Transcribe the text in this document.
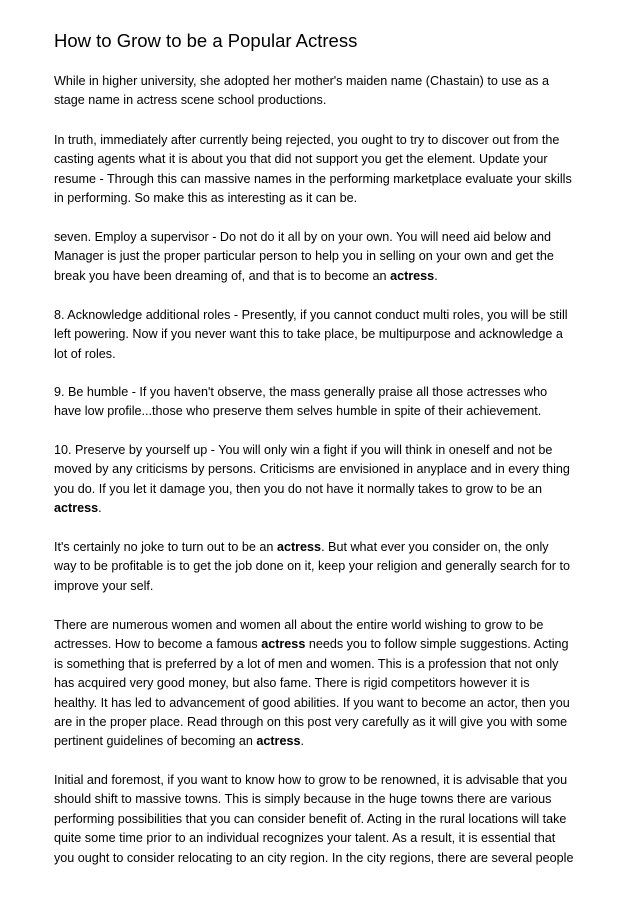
How to Grow to be a Popular Actress

While in higher university, she adopted her mother's maiden name (Chastain) to use as a
stage name in actress scene school productions.

In truth, immediately after currently being rejected, you ought to try to discover out from the
casting agents what it is about you that did not support you get the element. Update your
resume - Through this can massive names in the performing marketplace evaluate your skills
in performing. So make this as interesting as it can be.

seven. Employ a supervisor - Do not do it all by on your own. You will need aid below and
Manager is just the proper particular person to help you in selling on your own and get the
break you have been dreaming of, and that is to become an actress.

8. Acknowledge additional roles - Presently, if you cannot conduct multi roles, you will be still
left powering. Now if you never want this to take place, be multipurpose and acknowledge a
lot of roles.

9. Be humble - If you haven't observe, the mass generally praise all those actresses who
have low profile...those who preserve them selves humble in spite of their achievement.

10. Preserve by yourself up - You will only win a fight if you will think in oneself and not be
moved by any criticisms by persons. Criticisms are envisioned in anyplace and in every thing
you do. If you let it damage you, then you do not have it normally takes to grow to be an
actress.

It's certainly no joke to turn out to be an actress. But what ever you consider on, the only
way to be profitable is to get the job done on it, keep your religion and generally search for to
improve your self.

There are numerous women and women all about the entire world wishing to grow to be
actresses. How to become a famous actress needs you to follow simple suggestions. Acting
is something that is preferred by a lot of men and women. This is a profession that not only
has acquired very good money, but also fame. There is rigid competitors however it is
healthy. It has led to advancement of good abilities. If you want to become an actor, then you
are in the proper place. Read through on this post very carefully as it will give you with some
pertinent guidelines of becoming an actress.

Initial and foremost, if you want to know how to grow to be renowned, it is advisable that you
should shift to massive towns. This is simply because in the huge towns there are various
performing possibilities that you can consider benefit of. Acting in the rural locations will take
quite some time prior to an individual recognizes your talent. As a result, it is essential that
you ought to consider relocating to an city region. In the city regions, there are several people
